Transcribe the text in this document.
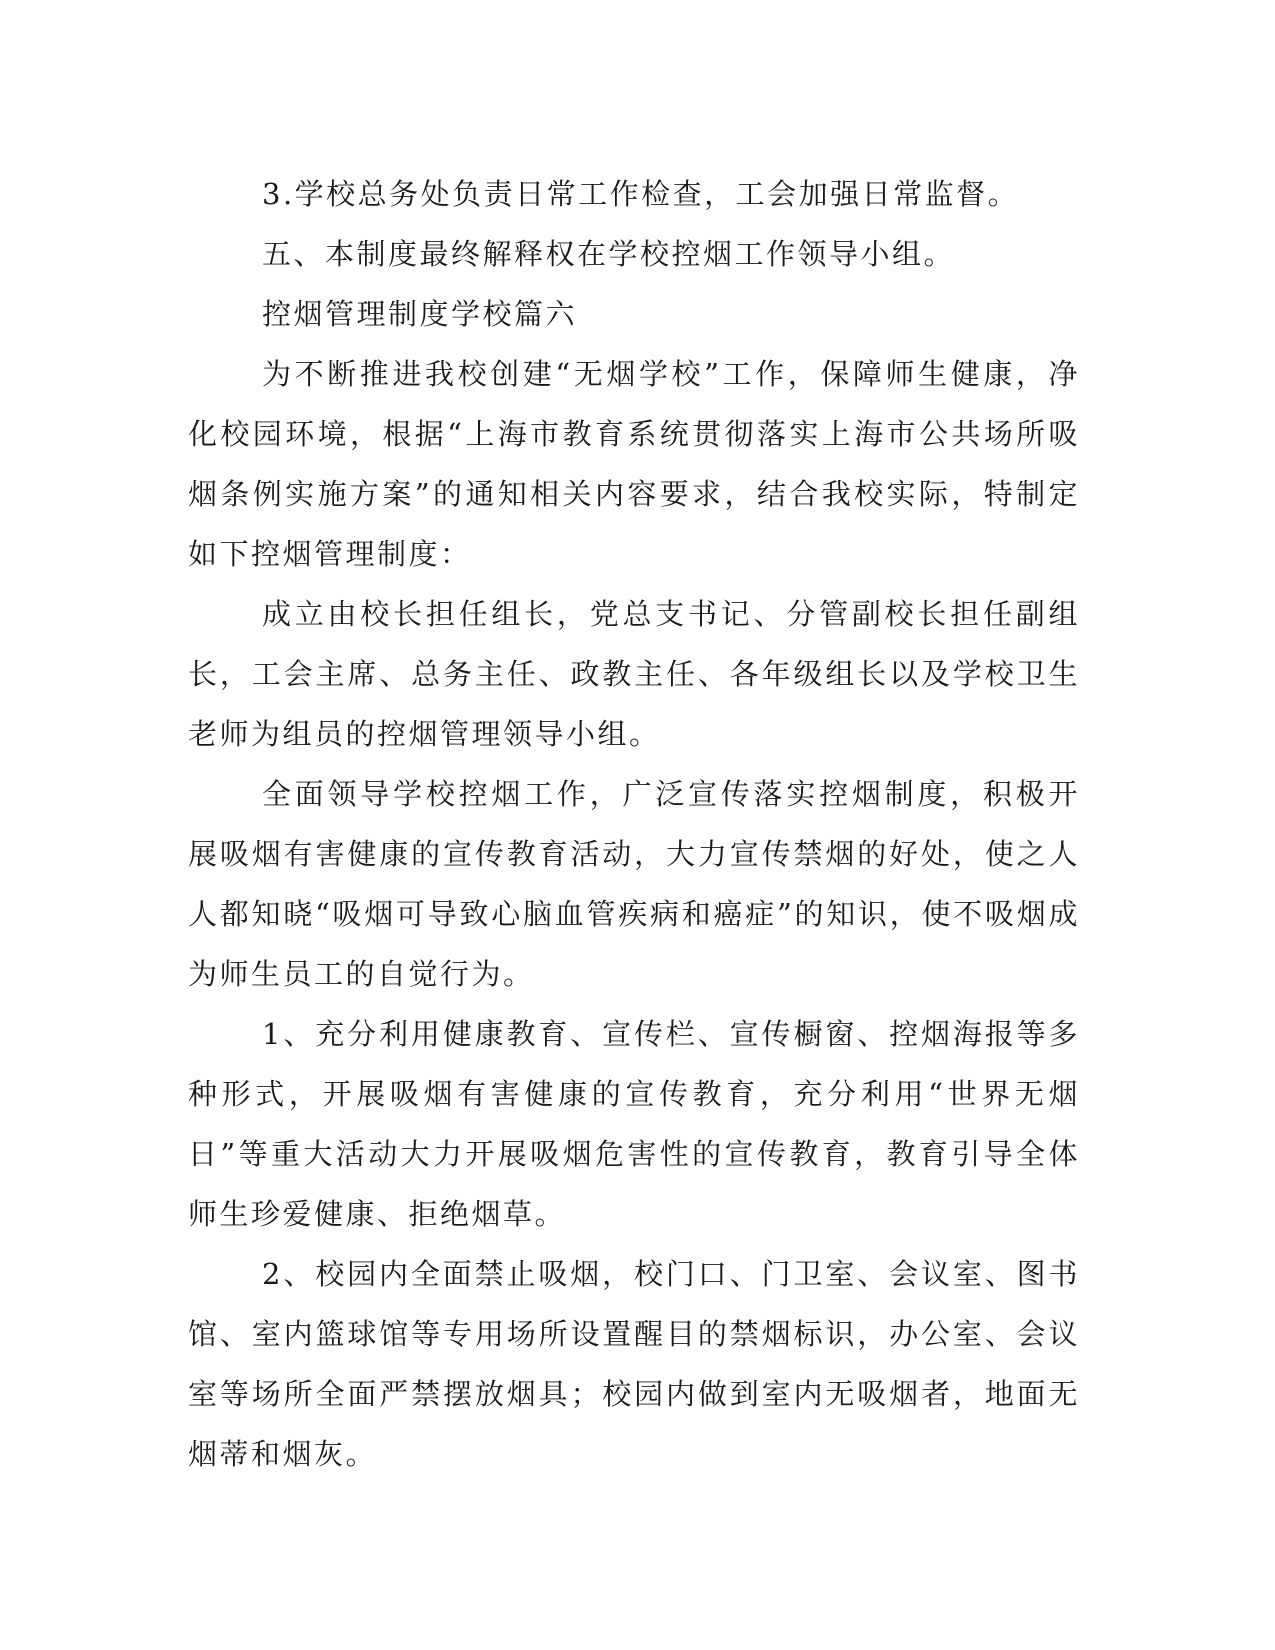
3.学校总务处负责日常工作检查，工会加强日常监督。

五、本制度最终解释权在学校控烟工作领导小组。

控烟管理制度学校篇六

为不断推进我校创建“无烟学校”工作，保障师生健康，净化校园环境，根据“上海市教育系统贯彻落实上海市公共场所吸烟条例实施方案”的通知相关内容要求，结合我校实际，特制定如下控烟管理制度：

成立由校长担任组长，党总支书记、分管副校长担任副组长，工会主席、总务主任、政教主任、各年级组长以及学校卫生老师为组员的控烟管理领导小组。

全面领导学校控烟工作，广泛宣传落实控烟制度，积极开展吸烟有害健康的宣传教育活动，大力宣传禁烟的好处，使之人人都知晓“吸烟可导致心脑血管疾病和癌症”的知识，使不吸烟成为师生员工的自觉行为。

1、充分利用健康教育、宣传栏、宣传橱窗、控烟海报等多种形式，开展吸烟有害健康的宣传教育，充分利用“世界无烟日”等重大活动大力开展吸烟危害性的宣传教育，教育引导全体师生珍爱健康、拒绝烟草。

2、校园内全面禁止吸烟，校门口、门卫室、会议室、图书馆、室内篮球馆等专用场所设置醒目的禁烟标识，办公室、会议室等场所全面严禁摆放烟具；校园内做到室内无吸烟者，地面无烟蒂和烟灰。
